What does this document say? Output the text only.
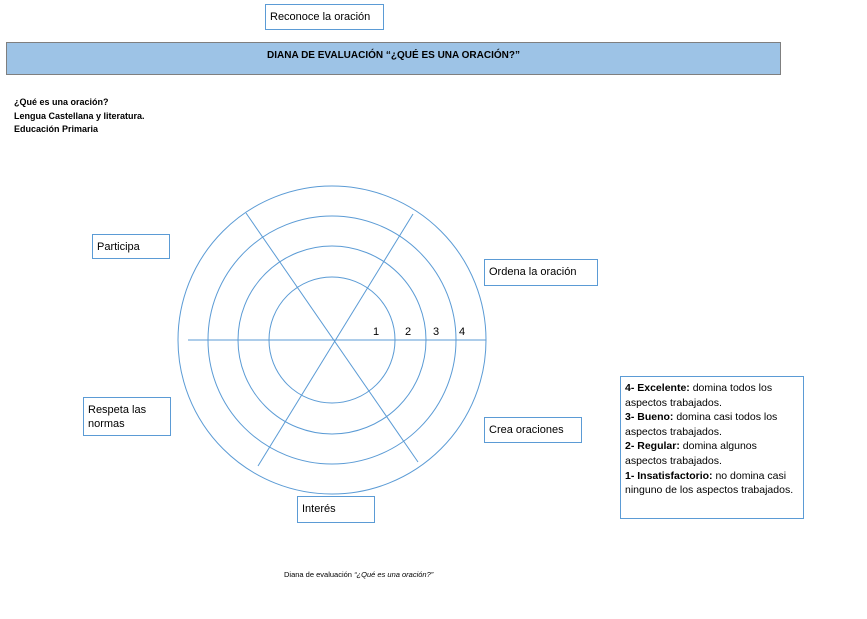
Reconoce la oración
DIANA DE EVALUACIÓN “¿QUÉ ES UNA ORACIÓN?”
¿Qué es una oración?
Lengua Castellana y literatura.
Educación Primaria
1 2 3 4
Participa
Ordena la oración
Respeta las normas	Crea oraciones
Interés
4- Excelente: domina todos los aspectos trabajados.
3- Bueno: domina casi todos los aspectos trabajados.
2- Regular: domina algunos aspectos trabajados.
1- Insatisfactorio: no domina casi ninguno de los aspectos trabajados.
Diana de evaluación “¿Qué es una oración?”
